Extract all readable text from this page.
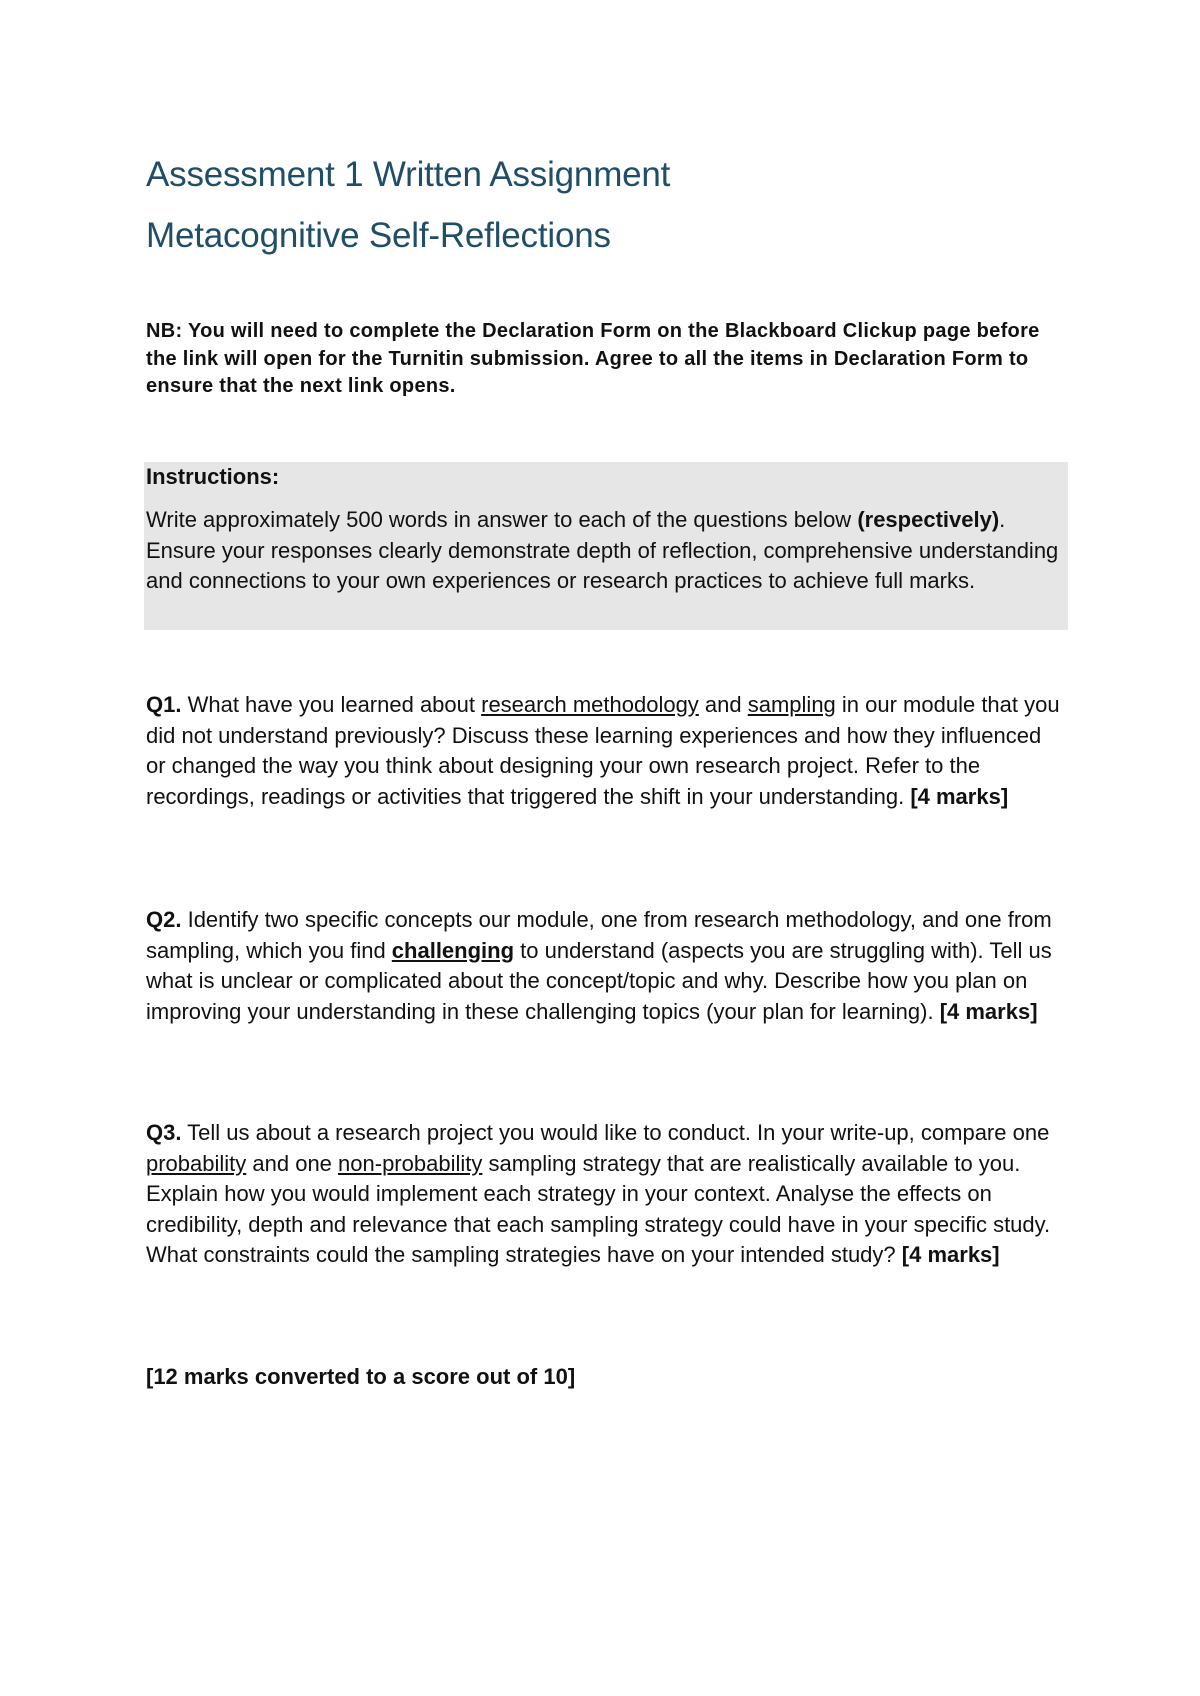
Assessment 1 Written Assignment
Metacognitive Self-Reflections

NB: You will need to complete the Declaration Form on the Blackboard Clickup page before the link will open for the Turnitin submission. Agree to all the items in Declaration Form to ensure that the next link opens.

Instructions:

Write approximately 500 words in answer to each of the questions below (respectively). Ensure your responses clearly demonstrate depth of reflection, comprehensive understanding and connections to your own experiences or research practices to achieve full marks.

Q1. What have you learned about research methodology and sampling in our module that you did not understand previously? Discuss these learning experiences and how they influenced or changed the way you think about designing your own research project. Refer to the recordings, readings or activities that triggered the shift in your understanding. [4 marks]

Q2. Identify two specific concepts our module, one from research methodology, and one from sampling, which you find challenging to understand (aspects you are struggling with). Tell us what is unclear or complicated about the concept/topic and why. Describe how you plan on improving your understanding in these challenging topics (your plan for learning). [4 marks]

Q3. Tell us about a research project you would like to conduct. In your write-up, compare one probability and one non-probability sampling strategy that are realistically available to you. Explain how you would implement each strategy in your context. Analyse the effects on credibility, depth and relevance that each sampling strategy could have in your specific study. What constraints could the sampling strategies have on your intended study? [4 marks]

[12 marks converted to a score out of 10]
